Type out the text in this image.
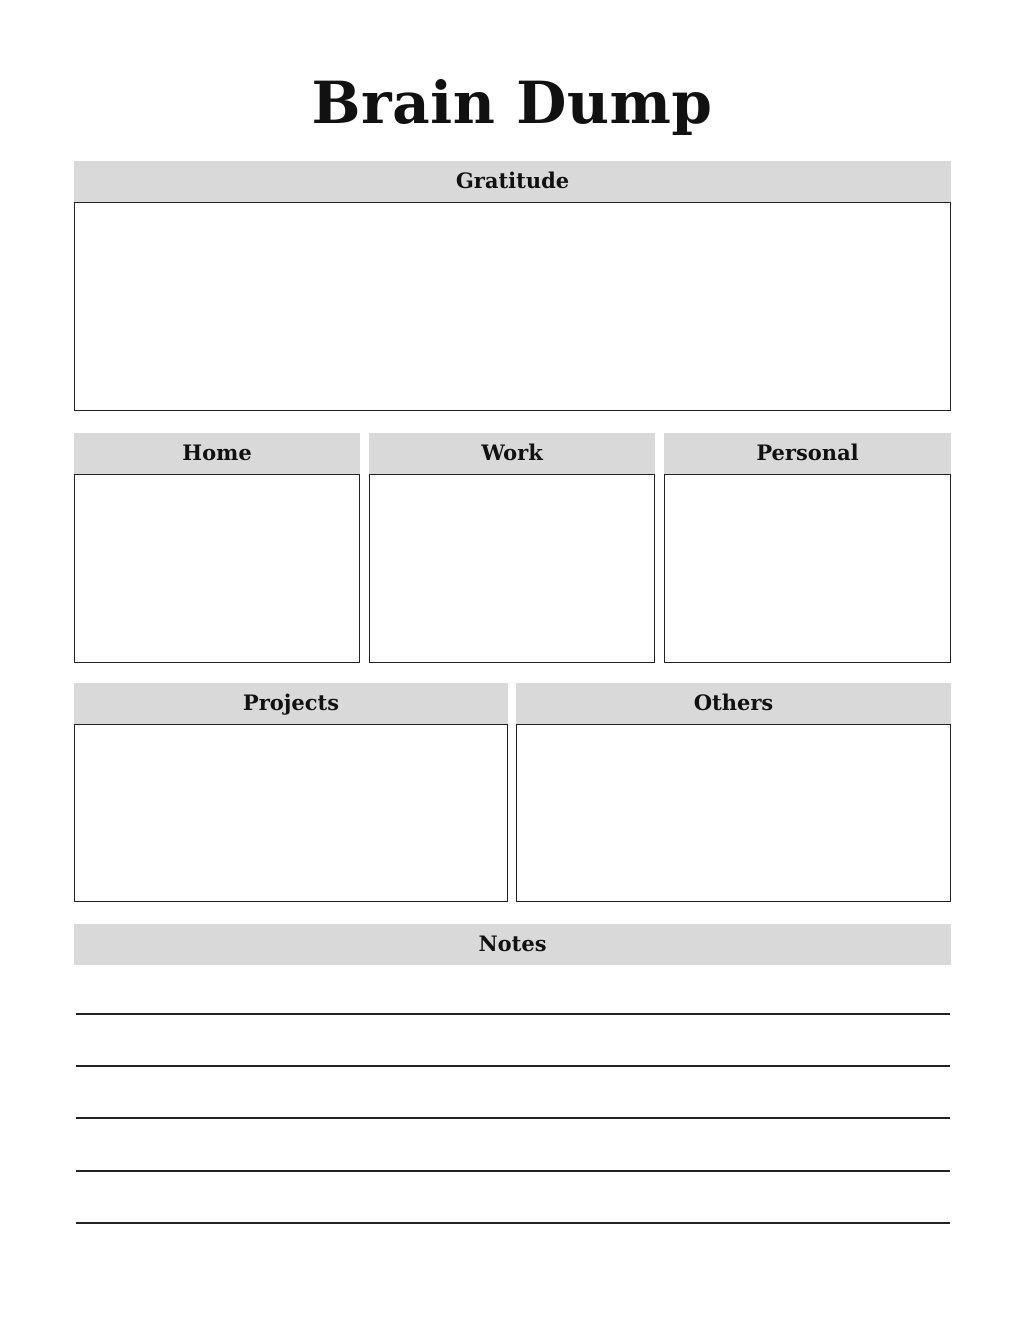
Brain Dump
Gratitude
Home	Work	Personal
Projects	Others
Notes
